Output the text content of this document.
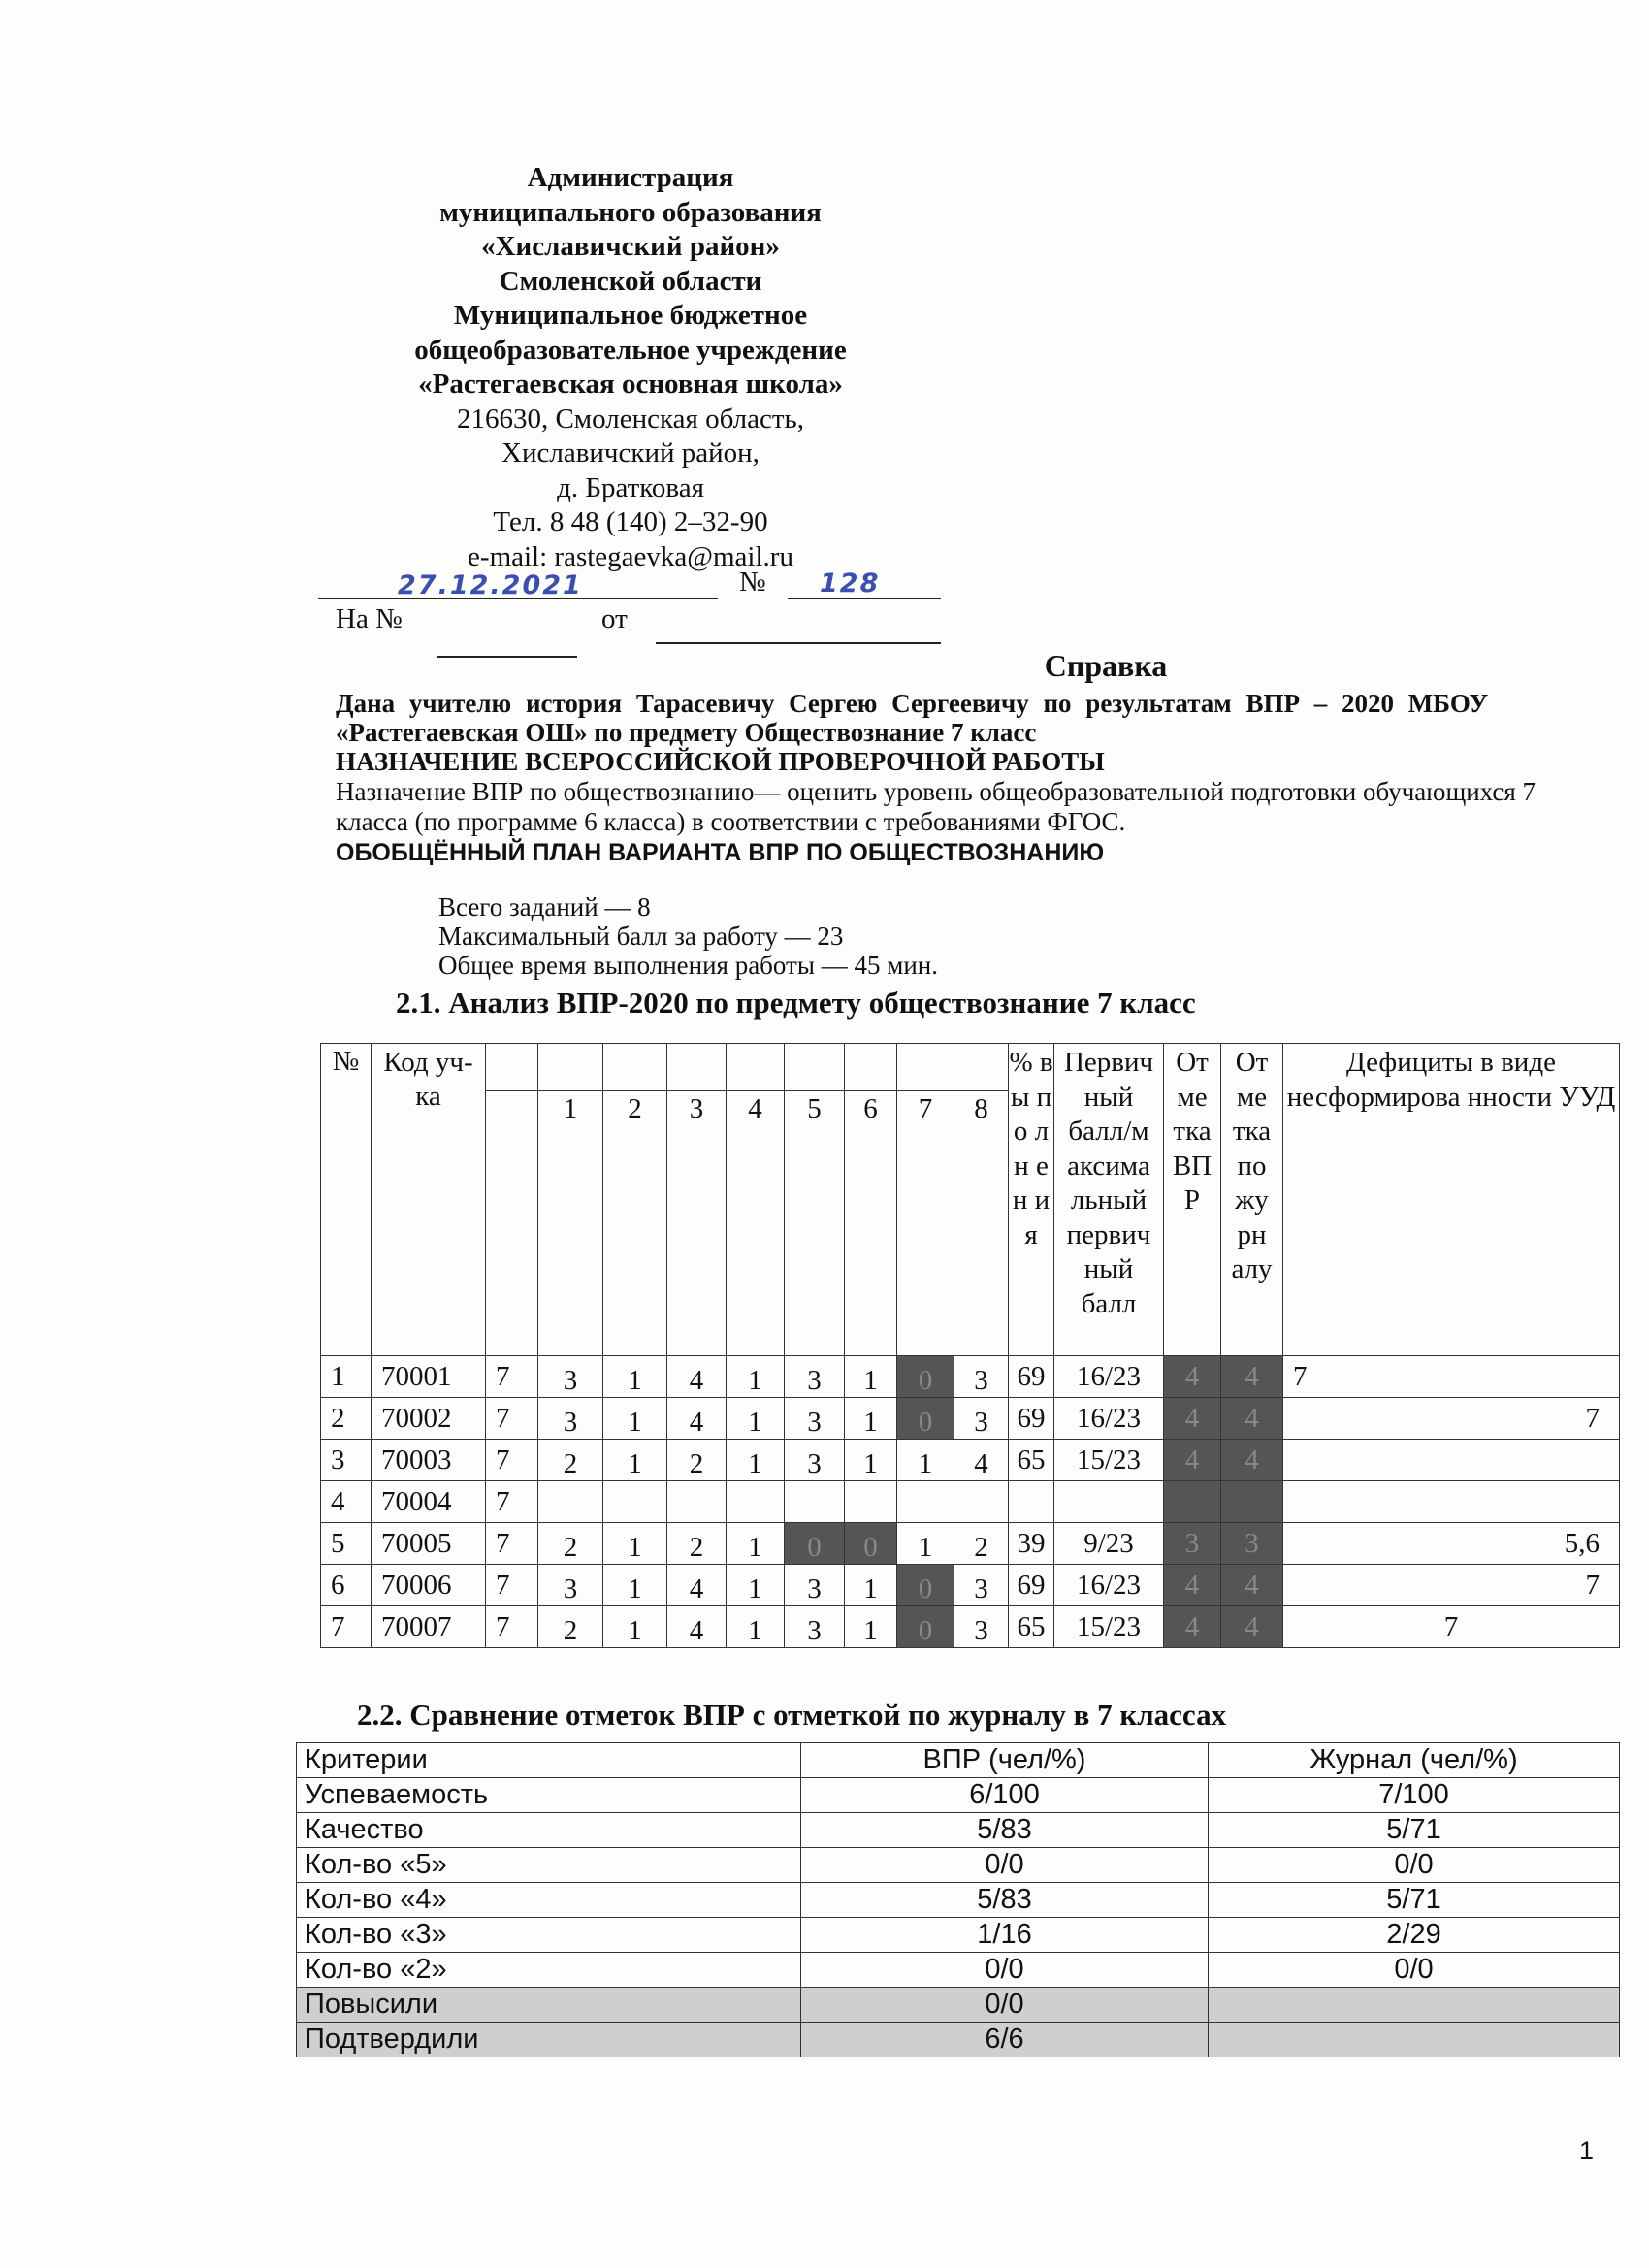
Администрация
муниципального образования
«Хиславичский район»
Смоленской области
Муниципальное бюджетное
общеобразовательное учреждение
«Растегаевская основная школа»
216630, Смоленская область,
Хиславичский район,
д. Братковая
Тел. 8 48 (140) 2–32-90
e-mail: rastegaevka@mail.ru
27.12.2021	№ 128
На №	от
Справка
Дана учителю история Тарасевичу Сергею Сергеевичу по результатам ВПР – 2020 МБОУ
«Растегаевская ОШ» по предмету Обществознание 7 класс
НАЗНАЧЕНИЕ ВСЕРОССИЙСКОЙ ПРОВЕРОЧНОЙ РАБОТЫ
Назначение ВПР по обществознанию— оценить уровень общеобразовательной подготовки обучающихся 7
класса (по программе 6 класса) в соответствии с требованиями ФГОС.
ОБОБЩЁННЫЙ ПЛАН ВАРИАНТА ВПР ПО ОБЩЕСТВОЗНАНИЮ
Всего заданий — 8
Максимальный балл за работу — 23
Общее время выполнения работы — 45 мин.
2.1. Анализ ВПР-2020 по предмету обществознание 7 класс
№	Код уч-ка										% вы по лн ен ия	Первич ный балл/м аксима льный первич ный балл	От ме тка ВП Р	От ме тка по жу рн алу	Дефициты в виде несформирова нности УУД
			1	2	3	4	5	6	7	8					
1	70001	7	3	1	4	1	3	1	0	3	69	16/23	4	4	7
2	70002	7	3	1	4	1	3	1	0	3	69	16/23	4	4	7
3	70003	7	2	1	2	1	3	1	1	4	65	15/23	4	4	
4	70004	7													
5	70005	7	2	1	2	1	0	0	1	2	39	9/23	3	3	5,6
6	70006	7	3	1	4	1	3	1	0	3	69	16/23	4	4	7
7	70007	7	2	1	4	1	3	1	0	3	65	15/23	4	4	7
2.2. Сравнение отметок ВПР с отметкой по журналу в 7 классах
Критерии	ВПР (чел/%)	Журнал (чел/%)
Успеваемость	6/100	7/100
Качество	5/83	5/71
Кол-во «5»	0/0	0/0
Кол-во «4»	5/83	5/71
Кол-во «3»	1/16	2/29
Кол-во «2»	0/0	0/0
Повысили	0/0	
Подтвердили	6/6	
1
